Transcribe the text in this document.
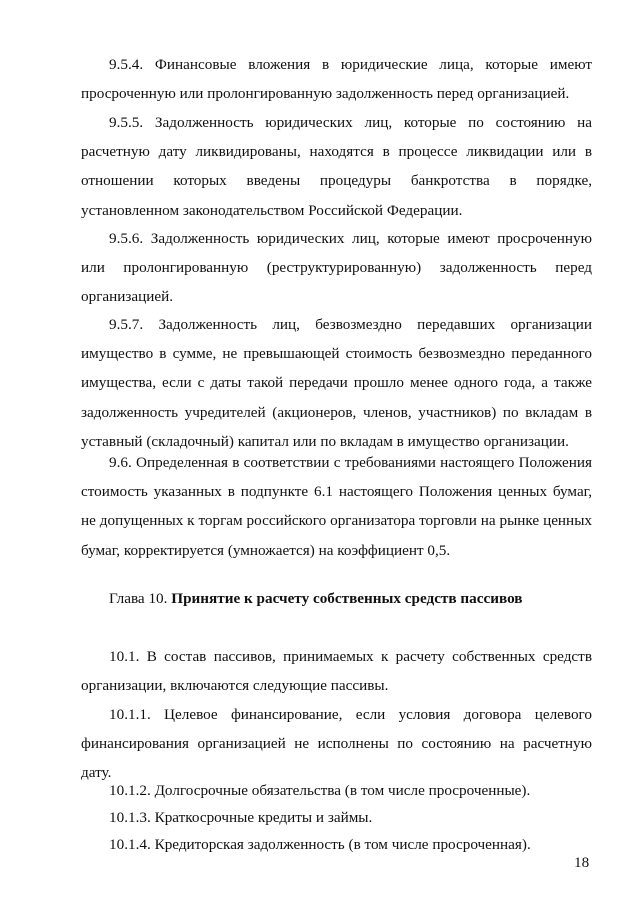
9.5.4. Финансовые вложения в юридические лица, которые имеют просроченную или пролонгированную задолженность перед организацией.

9.5.5. Задолженность юридических лиц, которые по состоянию на расчетную дату ликвидированы, находятся в процессе ликвидации или в отношении которых введены процедуры банкротства в порядке, установленном законодательством Российской Федерации.

9.5.6. Задолженность юридических лиц, которые имеют просроченную или пролонгированную (реструктурированную) задолженность перед организацией.

9.5.7. Задолженность лиц, безвозмездно передавших организации имущество в сумме, не превышающей стоимость безвозмездно переданного имущества, если с даты такой передачи прошло менее одного года, а также задолженность учредителей (акционеров, членов, участников) по вкладам в уставный (складочный) капитал или по вкладам в имущество организации.

9.6. Определенная в соответствии с требованиями настоящего Положения стоимость указанных в подпункте 6.1 настоящего Положения ценных бумаг, не допущенных к торгам российского организатора торговли на рынке ценных бумаг, корректируется (умножается) на коэффициент 0,5.

Глава 10. Принятие к расчету собственных средств пассивов

10.1. В состав пассивов, принимаемых к расчету собственных средств организации, включаются следующие пассивы.

10.1.1. Целевое финансирование, если условия договора целевого финансирования организацией не исполнены по состоянию на расчетную дату.

10.1.2. Долгосрочные обязательства (в том числе просроченные).

10.1.3. Краткосрочные кредиты и займы.

10.1.4. Кредиторская задолженность (в том числе просроченная).

18
